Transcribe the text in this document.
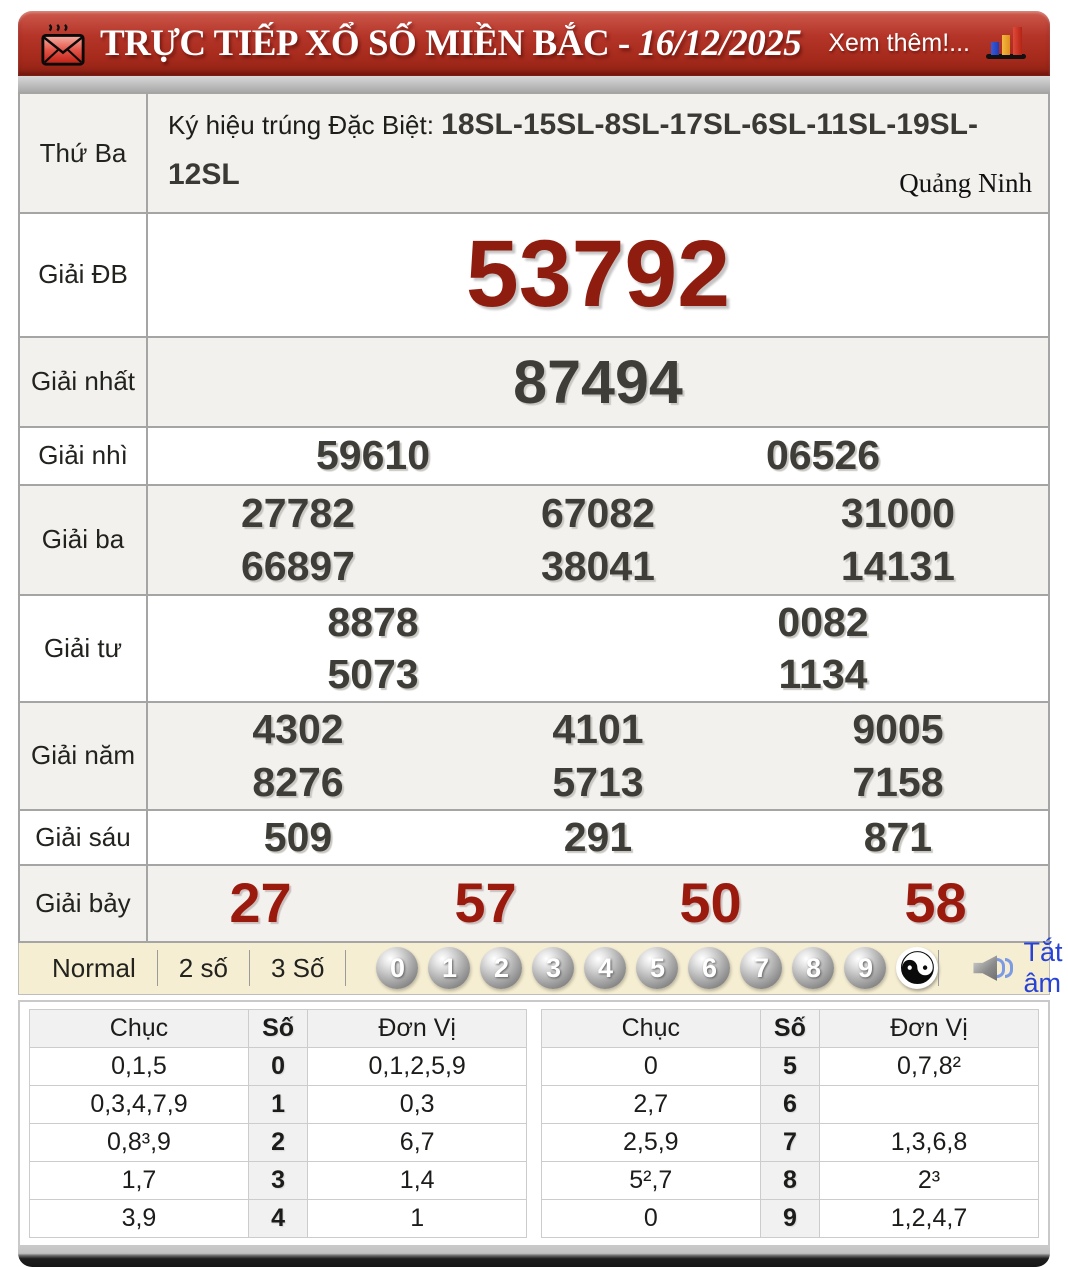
TRỰC TIẾP XỔ SỐ MIỀN BẮC - 16/12/2025 Xem thêm!...
Thứ Ba	Ký hiệu trúng Đặc Biệt: 18SL-15SL-8SL-17SL-6SL-11SL-19SL-12SL Quảng Ninh

Giải ĐB	53792

Giải nhất	87494

Giải nhì	59610 06526

Giải ba	
27782	67082	31000
66897	38041	14131

Giải tư	8878 0082
5073 1134

Giải năm	
4302	4101	9005
8276	5713	7158

Giải sáu	509 291 871

Giải bảy	27 57 50 58
Normal	2 số	3 Số	0	1	2	3	4	5	6	7	8	9 ☯	Tắt âm
Chục	Số	Đơn Vị
0,1,5	0	0,1,2,5,9
0,3,4,7,9	1	0,3
0,8³,9	2	6,7
1,7	3	1,4
3,9	4	1
Chục	Số	Đơn Vị
0	5	0,7,8²
2,7	6	
2,5,9	7	1,3,6,8
5²,7	8	2³
0	9	1,2,4,7
